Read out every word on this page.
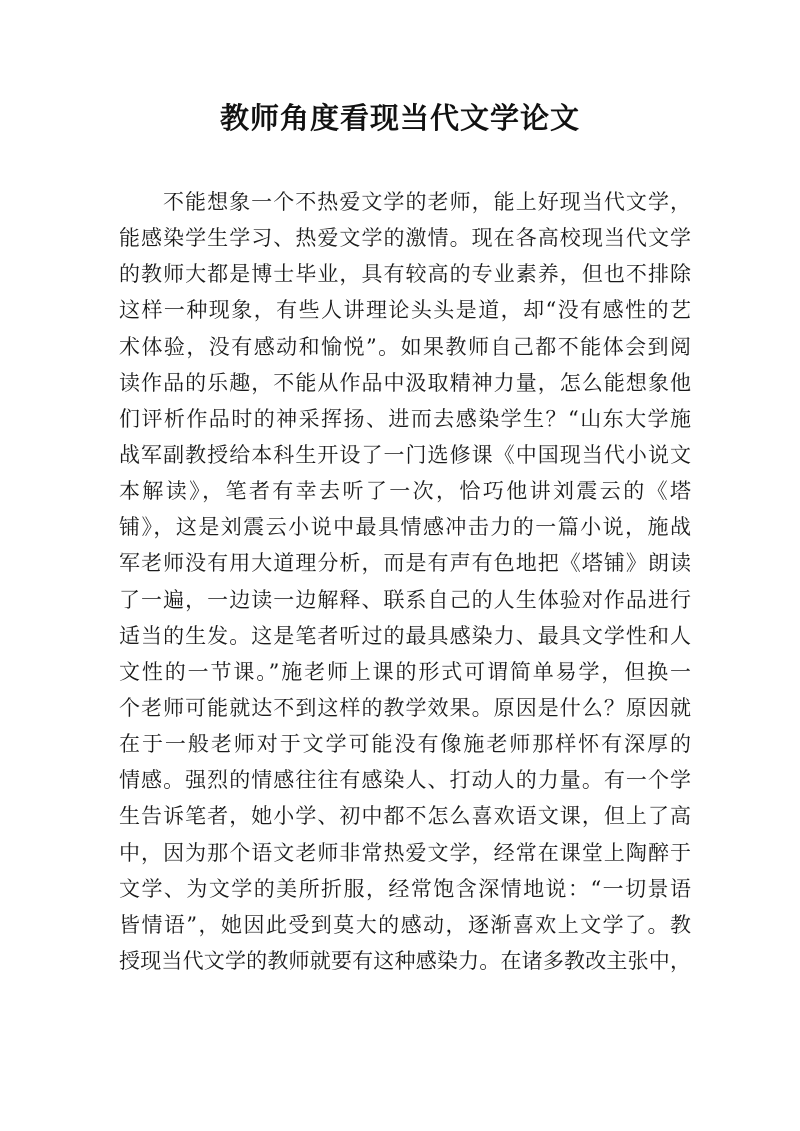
教师角度看现当代文学论文
不能想象一个不热爱文学的老师，能上好现当代文学，
能感染学生学习、热爱文学的激情。现在各高校现当代文学
的教师大都是博士毕业，具有较高的专业素养，但也不排除
这样一种现象，有些人讲理论头头是道，却“没有感性的艺
术体验，没有感动和愉悦”。如果教师自己都不能体会到阅
读作品的乐趣，不能从作品中汲取精神力量，怎么能想象他
们评析作品时的神采挥扬、进而去感染学生？“山东大学施
战军副教授给本科生开设了一门选修课《中国现当代小说文
本解读》，笔者有幸去听了一次，恰巧他讲刘震云的《塔
铺》，这是刘震云小说中最具情感冲击力的一篇小说，施战
军老师没有用大道理分析，而是有声有色地把《塔铺》朗读
了一遍，一边读一边解释、联系自己的人生体验对作品进行
适当的生发。这是笔者听过的最具感染力、最具文学性和人
文性的一节课。”施老师上课的形式可谓简单易学，但换一
个老师可能就达不到这样的教学效果。原因是什么？原因就
在于一般老师对于文学可能没有像施老师那样怀有深厚的
情感。强烈的情感往往有感染人、打动人的力量。有一个学
生告诉笔者，她小学、初中都不怎么喜欢语文课，但上了高
中，因为那个语文老师非常热爱文学，经常在课堂上陶醉于
文学、为文学的美所折服，经常饱含深情地说：“一切景语
皆情语”，她因此受到莫大的感动，逐渐喜欢上文学了。教
授现当代文学的教师就要有这种感染力。在诸多教改主张中，
